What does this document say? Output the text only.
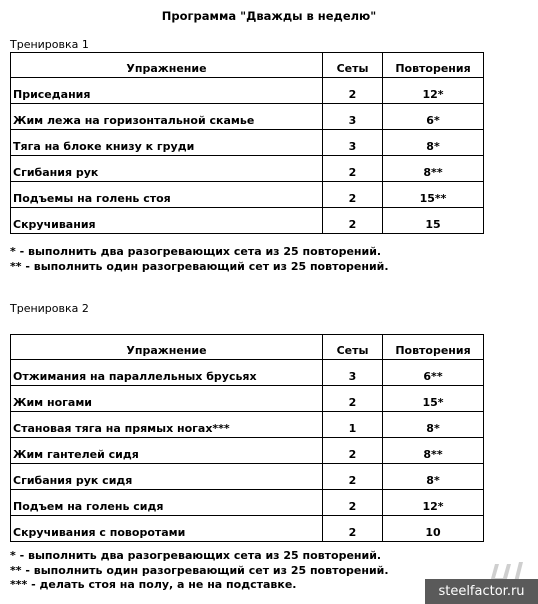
Программа "Дважды в неделю"
Тренировка 1
Упражнение	Сеты	Повторения
Приседания	2	12*
Жим лежа на горизонтальной скамье	3	6*
Тяга на блоке книзу к груди	3	8*
Сгибания рук	2	8**
Подъемы на голень стоя	2	15**
Скручивания	2	15
* - выполнить два разогревающих сета из 25 повторений.
** - выполнить один разогревающий сет из 25 повторений.
Тренировка 2
Упражнение	Сеты	Повторения
Отжимания на параллельных брусьях	3	6**
Жим ногами	2	15*
Становая тяга на прямых ногах***	1	8*
Жим гантелей сидя	2	8**
Сгибания рук сидя	2	8*
Подъем на голень сидя	2	12*
Скручивания с поворотами	2	10
* - выполнить два разогревающих сета из 25 повторений.
** - выполнить один разогревающий сет из 25 повторений.
*** - делать стоя на полу, а не на подставке.	steelfactor.ru
